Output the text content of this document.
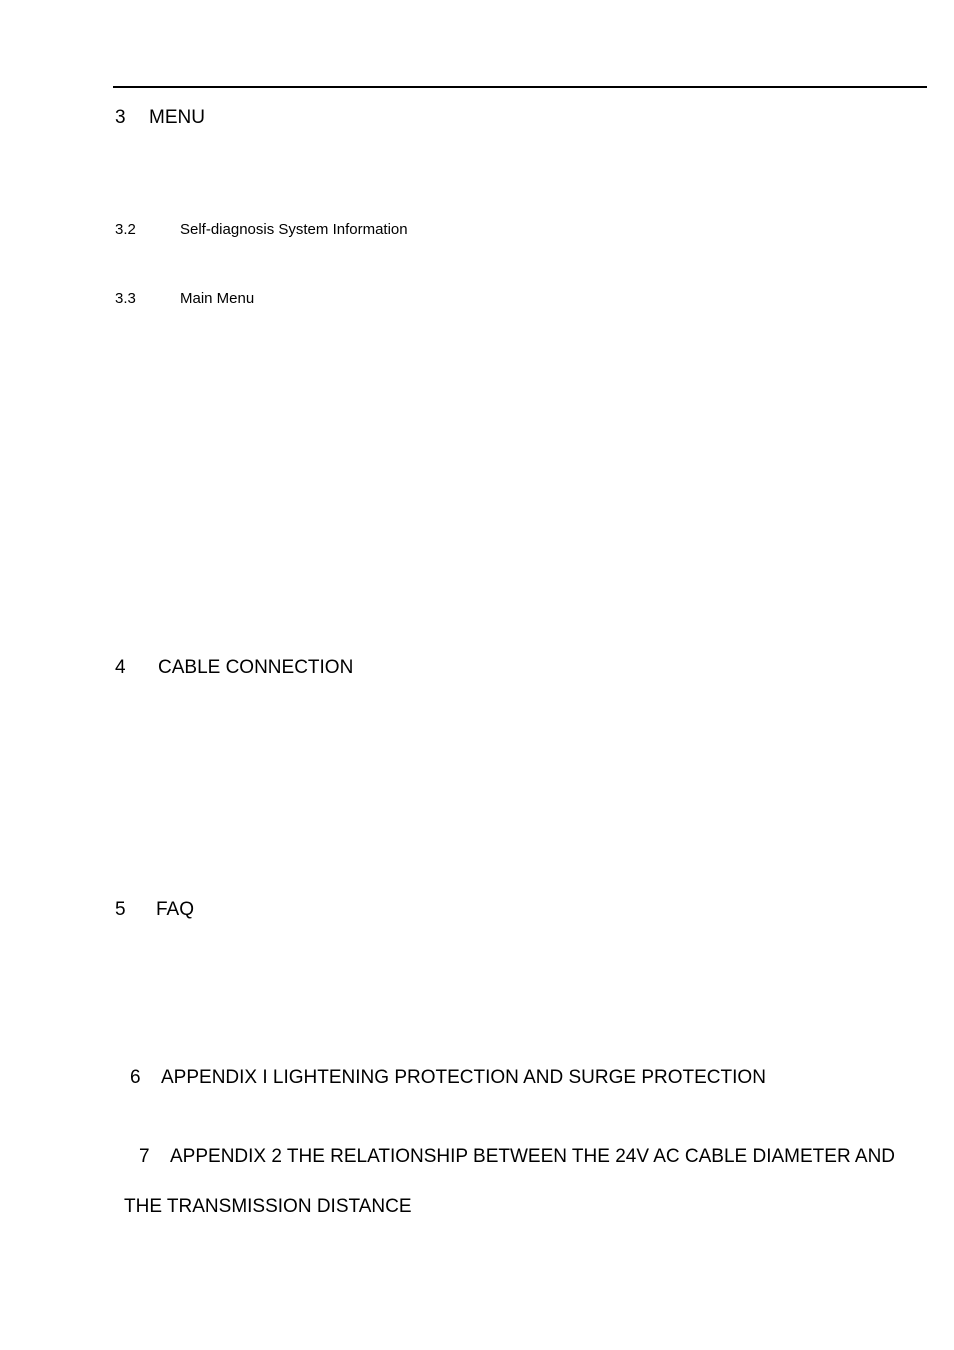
3 MENU
3.2	Self-diagnosis System Information
3.3	Main Menu
4 CABLE CONNECTION
5 FAQ
6 APPENDIX I LIGHTENING PROTECTION AND SURGE PROTECTION
7 APPENDIX 2 THE RELATIONSHIP BETWEEN THE 24V AC CABLE DIAMETER AND
THE TRANSMISSION DISTANCE
